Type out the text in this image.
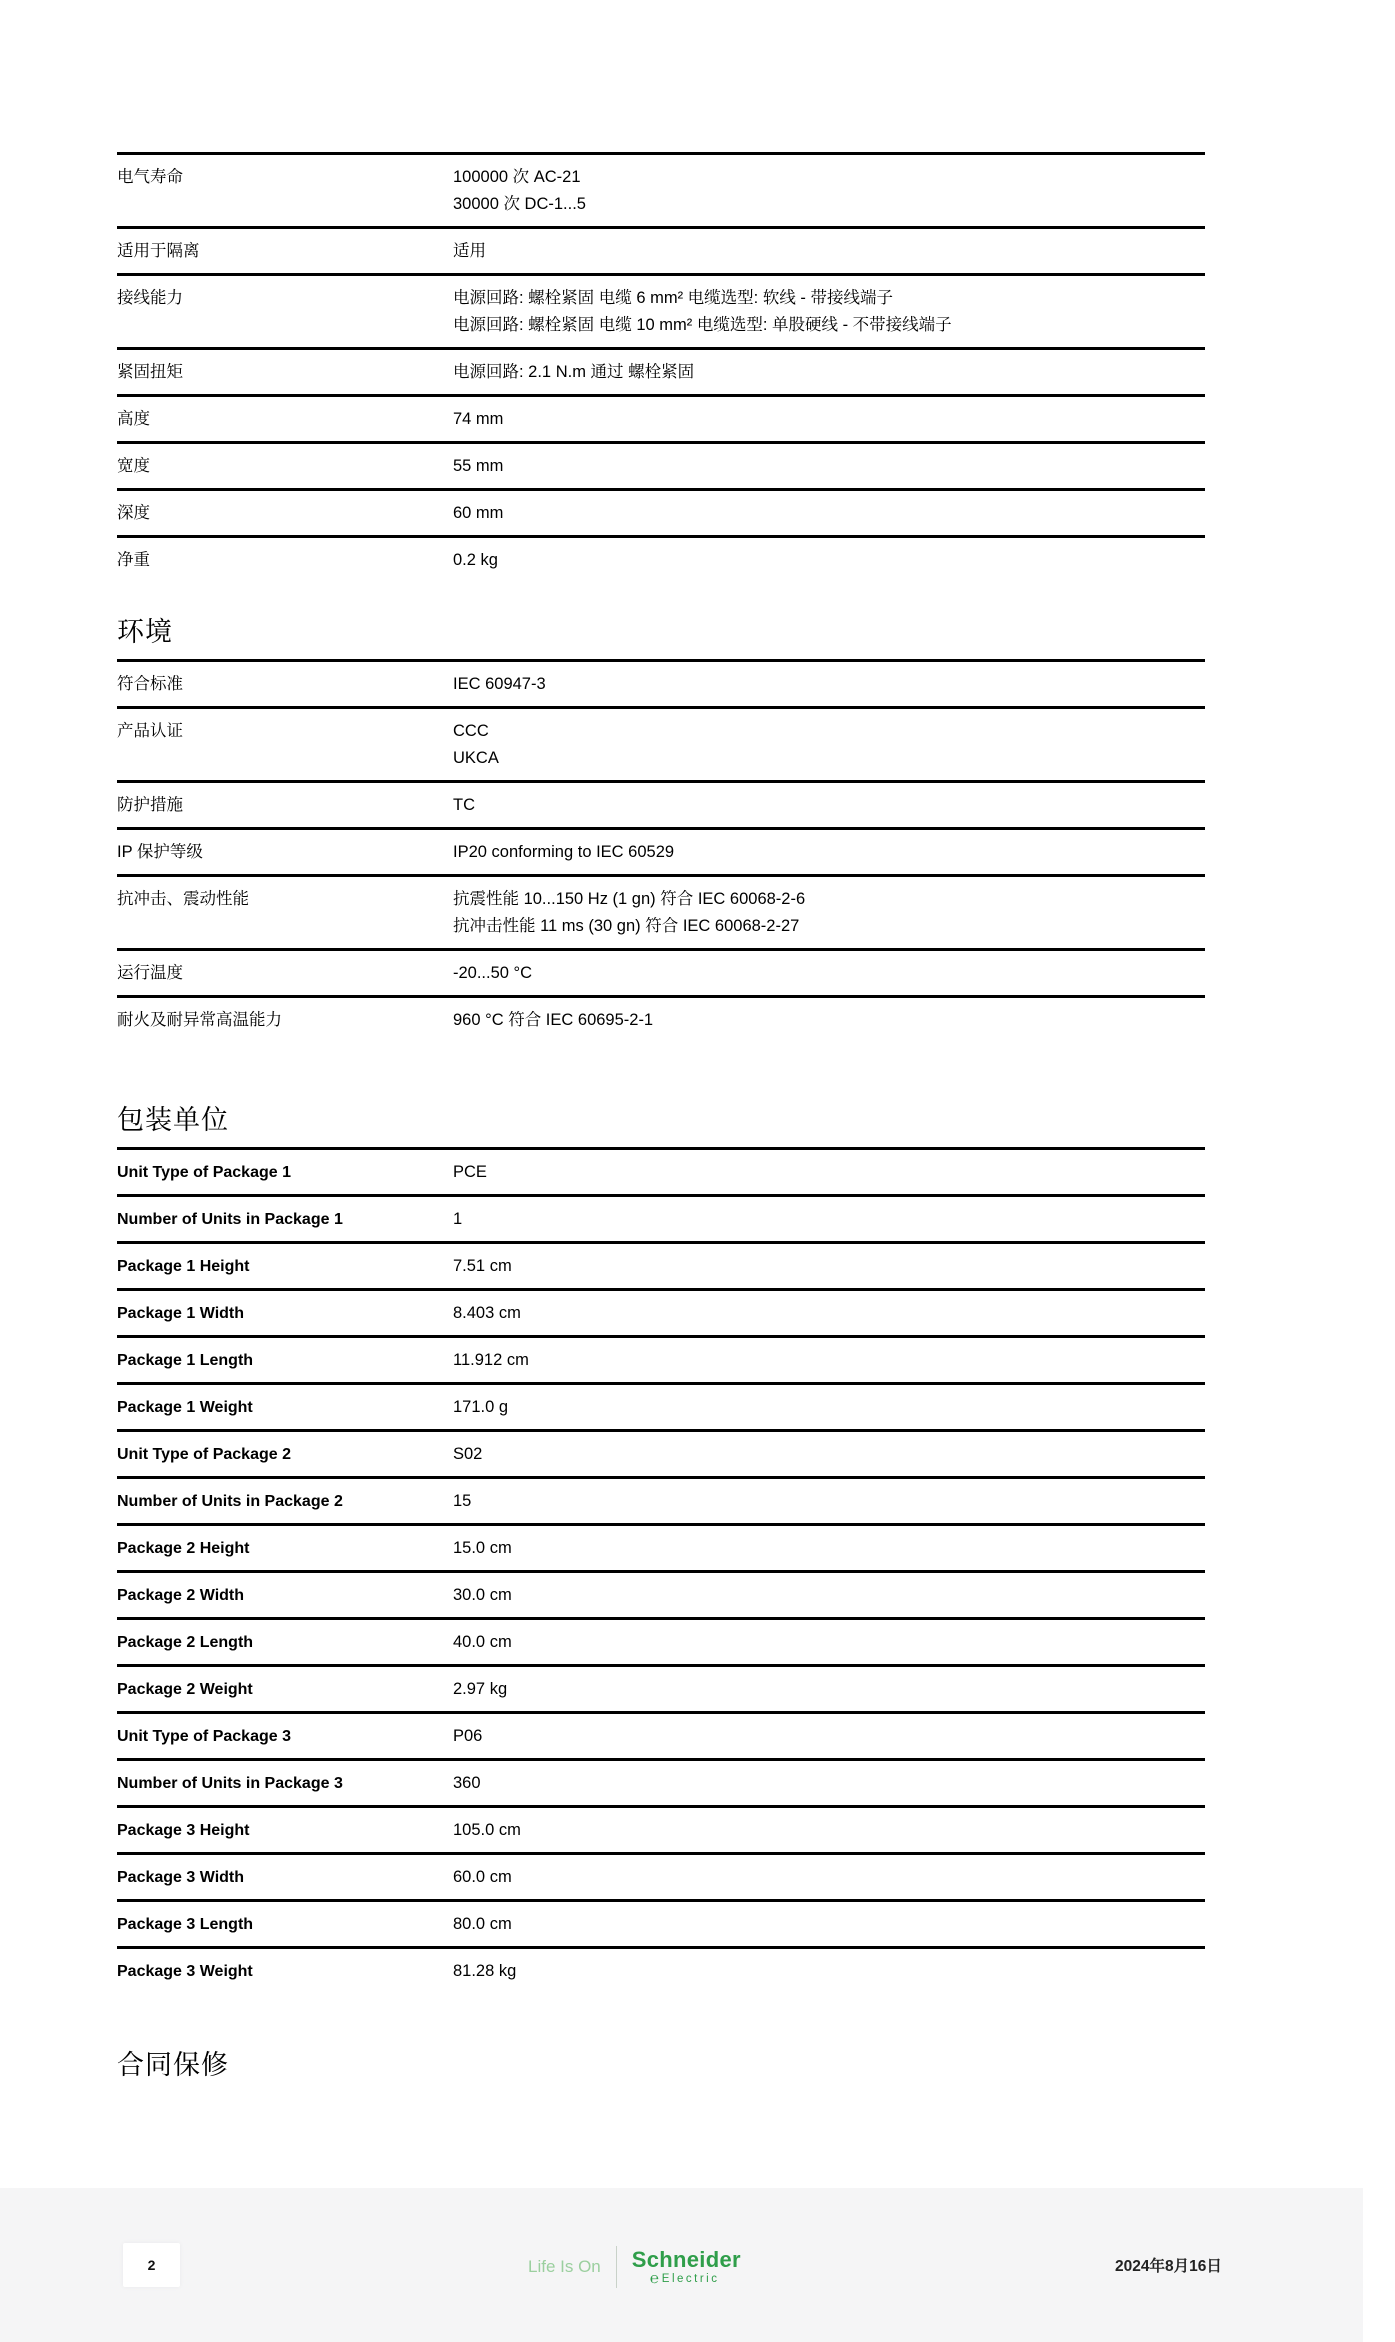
电气寿命	100000 次 AC-21
30000 次 DC-1...5
适用于隔离	适用
接线能力	电源回路: 螺栓紧固 电缆 6 mm² 电缆选型: 软线 - 带接线端子
电源回路: 螺栓紧固 电缆 10 mm² 电缆选型: 单股硬线 - 不带接线端子
紧固扭矩	电源回路: 2.1 N.m 通过 螺栓紧固
高度	74 mm
宽度	55 mm
深度	60 mm
净重	0.2 kg
环境
符合标准	IEC 60947-3
产品认证	CCC
UKCA
防护措施	TC
IP 保护等级	IP20 conforming to IEC 60529
抗冲击、震动性能	抗震性能 10...150 Hz (1 gn) 符合 IEC 60068-2-6
抗冲击性能 11 ms (30 gn) 符合 IEC 60068-2-27
运行温度	-20...50 °C
耐火及耐异常高温能力	960 °C 符合 IEC 60695-2-1
包装单位
Unit Type of Package 1	PCE
Number of Units in Package 1	1
Package 1 Height	7.51 cm
Package 1 Width	8.403 cm
Package 1 Length	11.912 cm
Package 1 Weight	171.0 g
Unit Type of Package 2	S02
Number of Units in Package 2	15
Package 2 Height	15.0 cm
Package 2 Width	30.0 cm
Package 2 Length	40.0 cm
Package 2 Weight	2.97 kg
Unit Type of Package 3	P06
Number of Units in Package 3	360
Package 3 Height	105.0 cm
Package 3 Width	60.0 cm
Package 3 Length	80.0 cm
Package 3 Weight	81.28 kg
合同保修
2	Life Is On Schneider
℮ Electric
2024年8月16日
